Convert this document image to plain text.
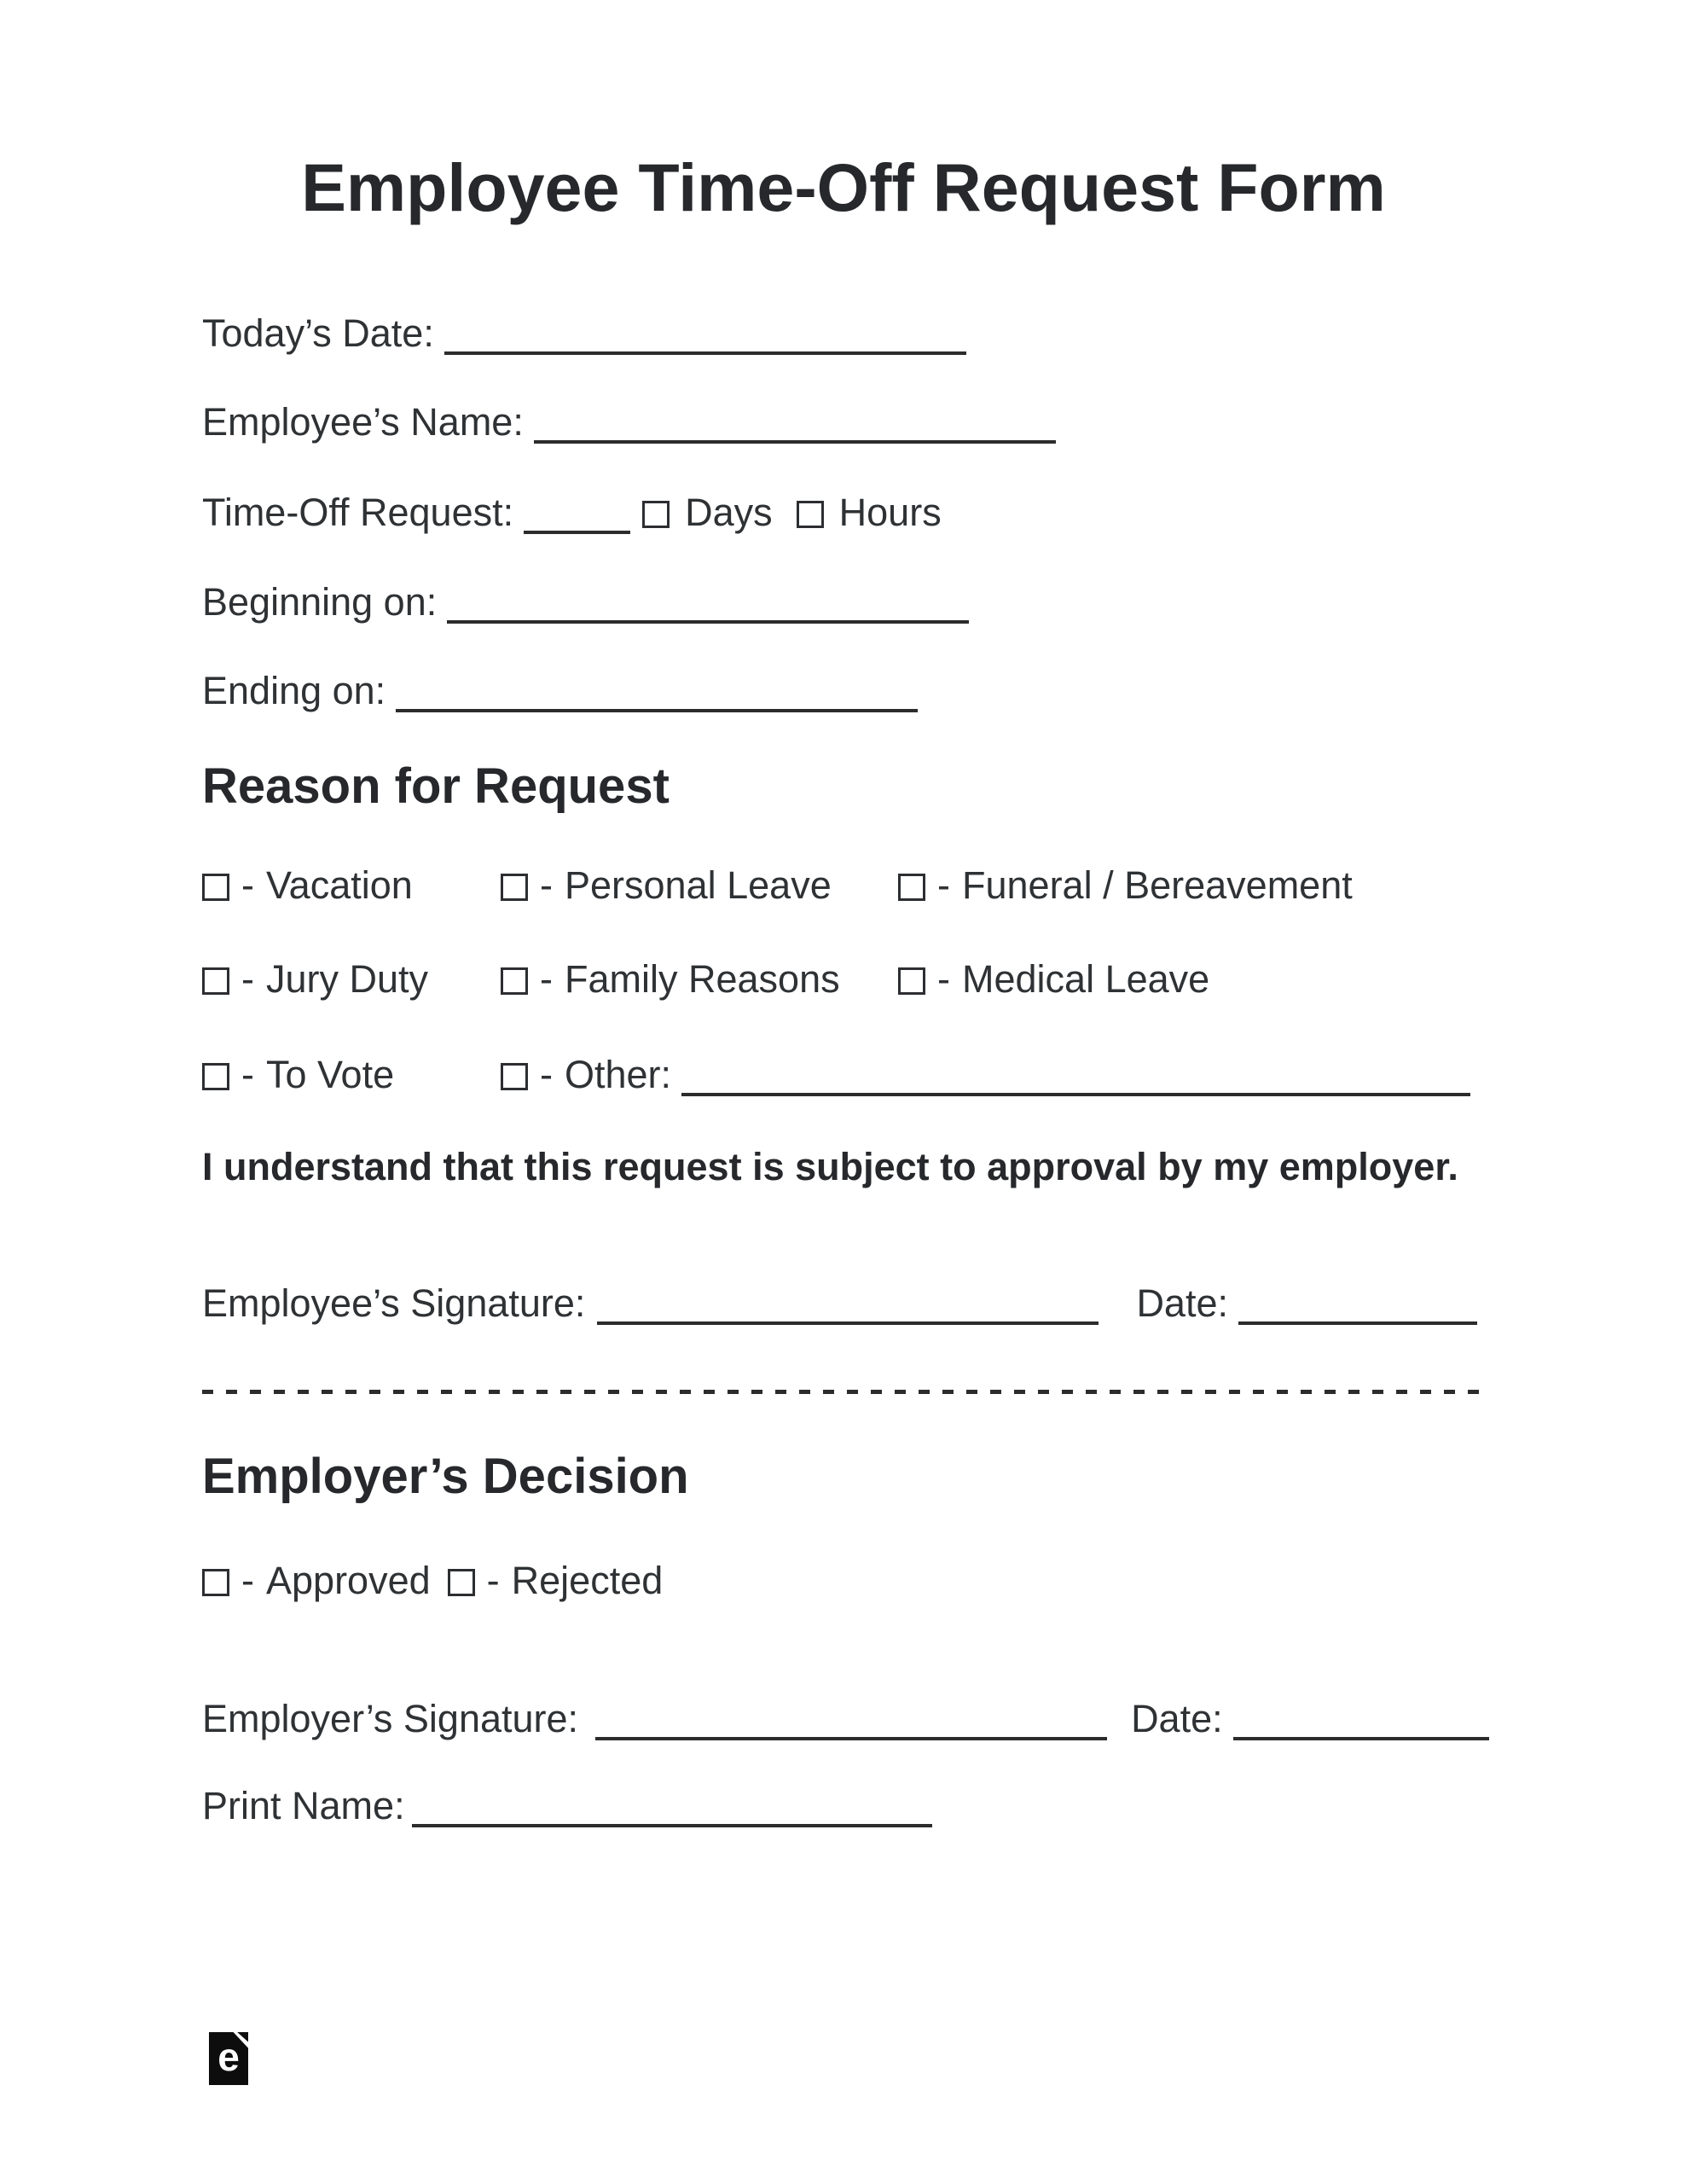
Employee Time-Off Request Form
Today’s Date:
Employee’s Name:
Time-Off Request:	Days Hours
Beginning on:
Ending on:
Reason for Request
- Vacation	- Personal Leave	- Funeral / Bereavement
- Jury Duty	- Family Reasons	- Medical Leave
- To Vote	- Other:

I understand that this request is subject to approval by my employer.

Employee’s Signature:	Date:
Employer’s Decision
- Approved - Rejected
Employer’s Signature:	Date:
Print Name:
e
